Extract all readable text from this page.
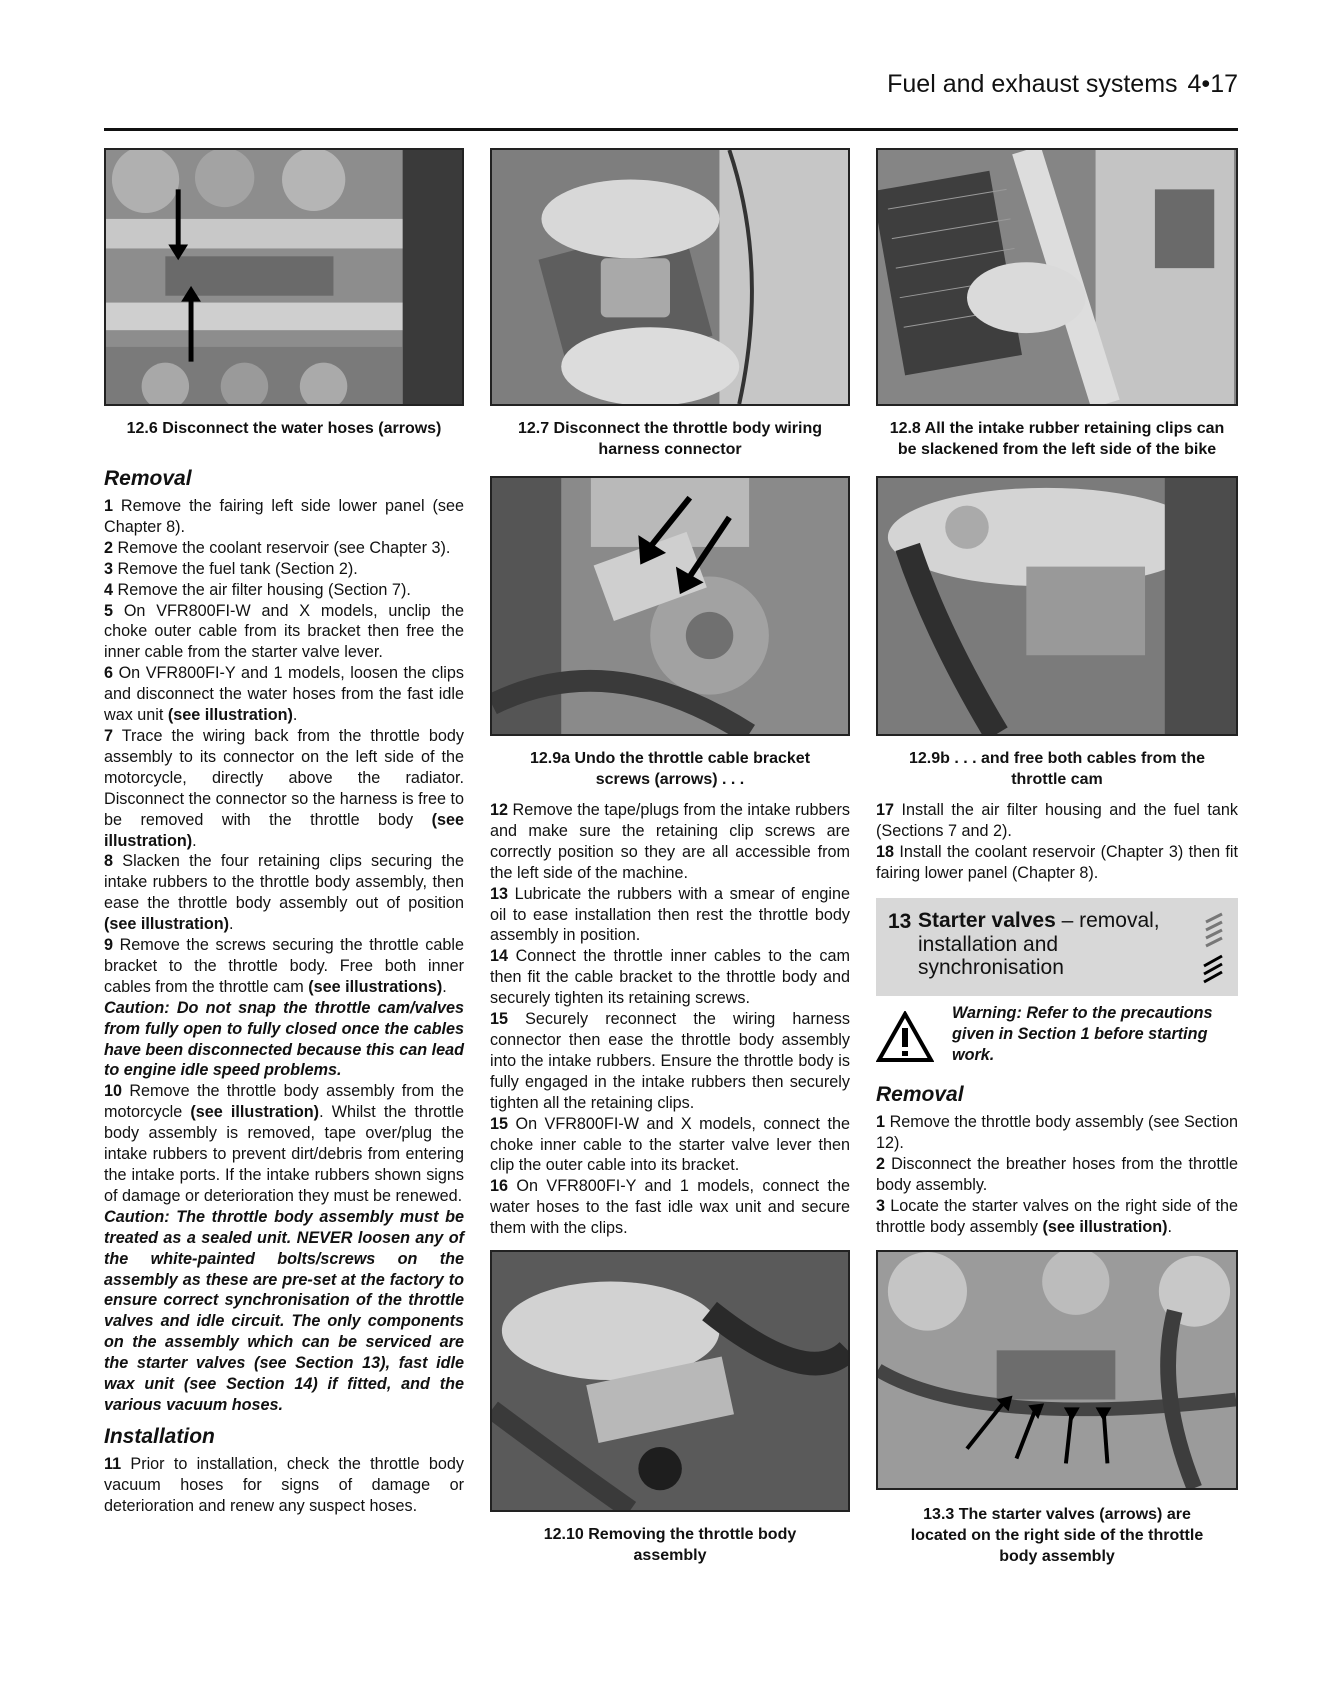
Fuel and exhaust systems 4•17
12.6 Disconnect the water hoses (arrows)	12.7 Disconnect the throttle body wiring
harness connector
12.8 All the intake rubber retaining clips can
be slackened from the left side of the bike
12.9a Undo the throttle cable bracket
screws (arrows) . . .
12.9b . . . and free both cables from the
throttle cam
12.10 Removing the throttle body
assembly
13.3 The starter valves (arrows) are
located on the right side of the throttle
body assembly
Removal

1 Remove the fairing left side lower panel (see Chapter 8).

2 Remove the coolant reservoir (see Chapter 3).

3 Remove the fuel tank (Section 2).

4 Remove the air filter housing (Section 7).

5 On VFR800FI-W and X models, unclip the choke outer cable from its bracket then free the inner cable from the starter valve lever.

6 On VFR800FI-Y and 1 models, loosen the clips and disconnect the water hoses from the fast idle wax unit (see illustration).

7 Trace the wiring back from the throttle body assembly to its connector on the left side of the motorcycle, directly above the radiator. Disconnect the connector so the harness is free to be removed with the throttle body (see illustration).

8 Slacken the four retaining clips securing the intake rubbers to the throttle body assembly, then ease the throttle body assembly out of position (see illustration).

9 Remove the screws securing the throttle cable bracket to the throttle body. Free both inner cables from the throttle cam (see illustrations).

Caution: Do not snap the throttle cam/valves from fully open to fully closed once the cables have been disconnected because this can lead to engine idle speed problems.

10 Remove the throttle body assembly from the motorcycle (see illustration). Whilst the throttle body assembly is removed, tape over/plug the intake rubbers to prevent dirt/debris from entering the intake ports. If the intake rubbers shown signs of damage or deterioration they must be renewed.

Caution: The throttle body assembly must be treated as a sealed unit. NEVER loosen any of the white-painted bolts/screws on the assembly as these are pre-set at the factory to ensure correct synchronisation of the throttle valves and idle circuit. The only components on the assembly which can be serviced are the starter valves (see Section 13), fast idle wax unit (see Section 14) if fitted, and the various vacuum hoses.

Installation

11 Prior to installation, check the throttle body vacuum hoses for signs of damage or deterioration and renew any suspect hoses.

12 Remove the tape/plugs from the intake rubbers and make sure the retaining clip screws are correctly position so they are all accessible from the left side of the machine.

13 Lubricate the rubbers with a smear of engine oil to ease installation then rest the throttle body assembly in position.

14 Connect the throttle inner cables to the cam then fit the cable bracket to the throttle body and securely tighten its retaining screws.

15 Securely reconnect the wiring harness connector then ease the throttle body assembly into the intake rubbers. Ensure the throttle body is fully engaged in the intake rubbers then securely tighten all the retaining clips.

15 On VFR800FI-W and X models, connect the choke inner cable to the starter valve lever then clip the outer cable into its bracket.

16 On VFR800FI-Y and 1 models, connect the water hoses to the fast idle wax unit and secure them with the clips.

17 Install the air filter housing and the fuel tank (Sections 7 and 2).

18 Install the coolant reservoir (Chapter 3) then fit fairing lower panel (Chapter 8).

13 Starter valves – removal,
installation and
synchronisation
Warning: Refer to the precautions given in Section 1 before starting work.
Removal

1 Remove the throttle body assembly (see Section 12).

2 Disconnect the breather hoses from the throttle body assembly.

3 Locate the starter valves on the right side of the throttle body assembly (see illustration).
